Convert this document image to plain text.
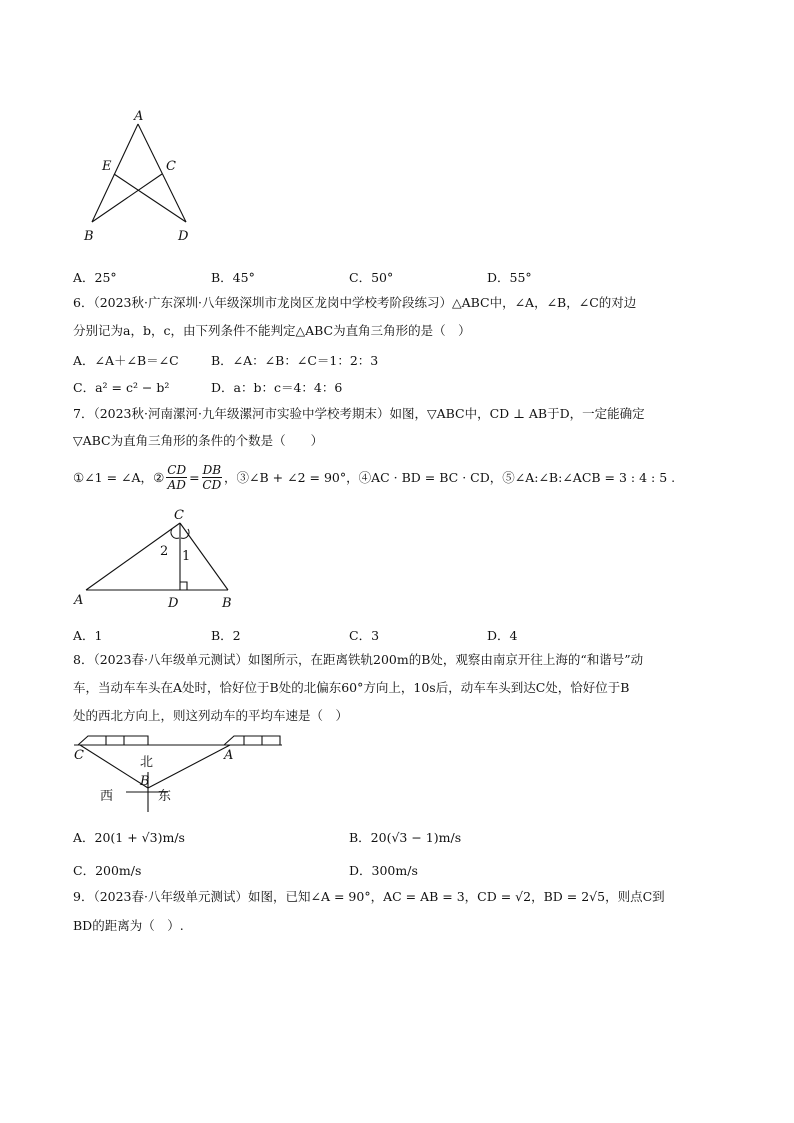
A
E	C
B	D
A．25°	B．45°	C．50°	D．55°
6．（2023秋·广东深圳·八年级深圳市龙岗区龙岗中学校考阶段练习）△ABC中，∠A，∠B，∠C的对边
分别记为a，b，c，由下列条件不能判定△ABC为直角三角形的是（　）
A．∠A＋∠B＝∠C	B．∠A：∠B：∠C＝1：2：3
C．a² = c² − b²	D．a：b：c＝4：4：6
7．（2023秋·河南漯河·九年级漯河市实验中学校考期末）如图，▽ABC中，CD ⊥ AB于D，一定能确定
▽ABC为直角三角形的条件的个数是（　　）
①∠1 = ∠A， ② $\frac{CD}{AD} = \frac{DB}{CD}$ ，③∠B + ∠2 = 90°，④AC · BD = BC · CD，⑤∠A:∠B:∠ACB = 3 : 4 : 5 .
C
A	D	B
1
2
A．1	B．2	C．3	D．4
8．（2023春·八年级单元测试）如图所示，在距离铁轨200m的B处，观察由南京开往上海的“和谐号”动
车，当动车车头在A处时，恰好位于B处的北偏东60°方向上，10s后，动车车头到达C处，恰好位于B
处的西北方向上，则这列动车的平均车速是（　）
C	A
B
北
西	东
A．20(1 + √3)m/s	B．20(√3 − 1)m/s
C．200m/s	D．300m/s
9．（2023春·八年级单元测试）如图，已知∠A = 90°，AC = AB = 3，CD = √2，BD = 2√5，则点C到
BD的距离为（　）.
